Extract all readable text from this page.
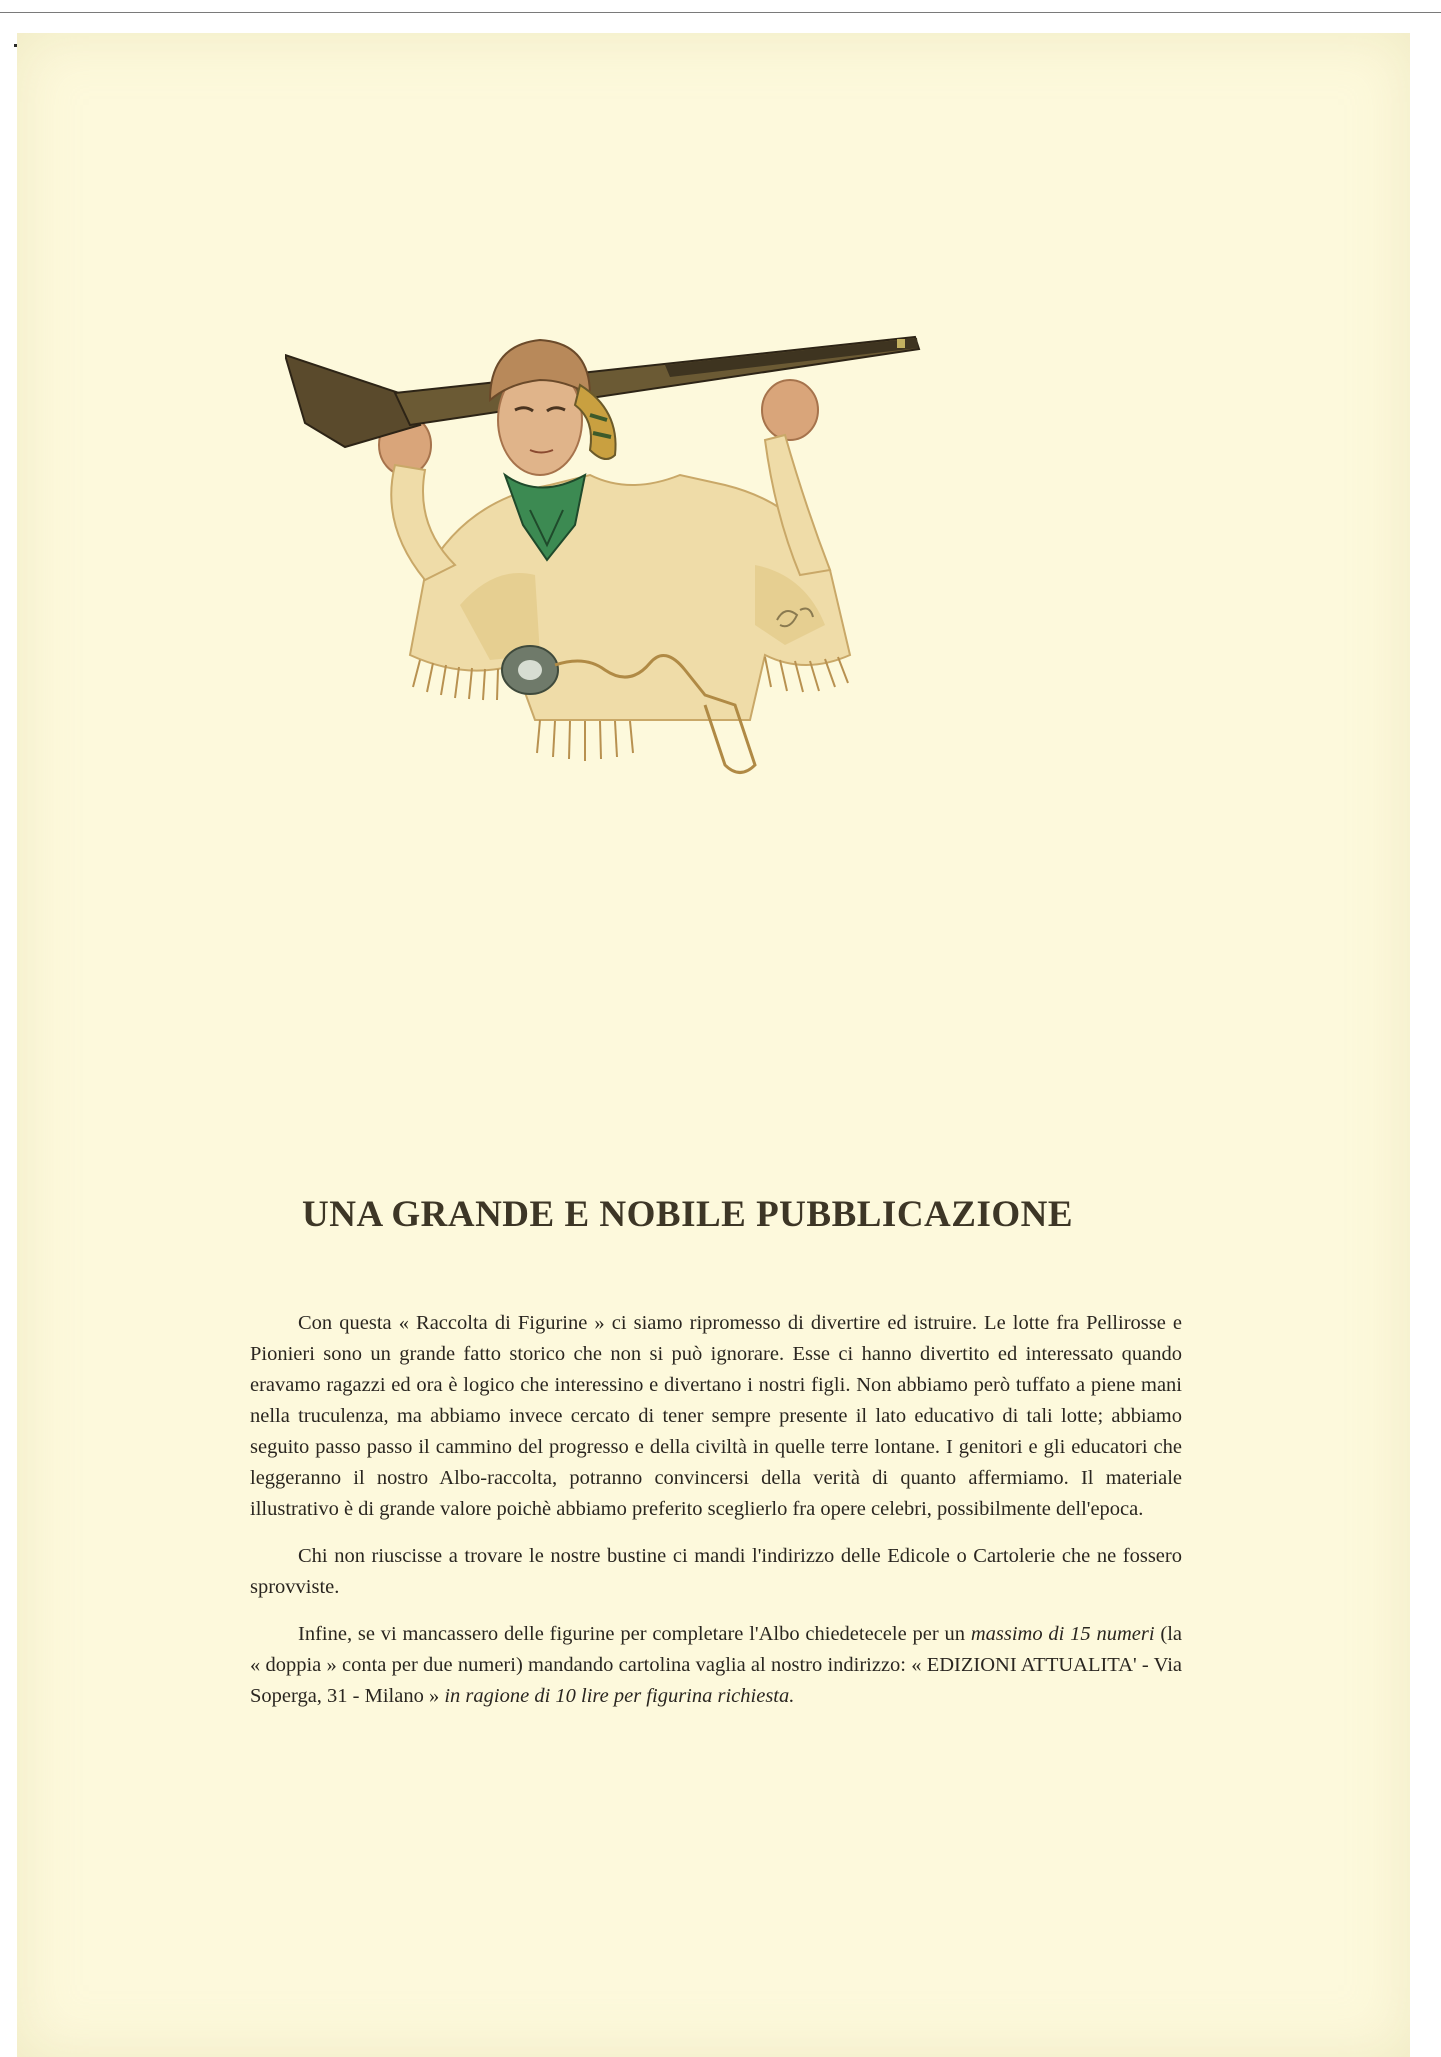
UNA GRANDE E NOBILE PUBBLICAZIONE

Con questa « Raccolta di Figurine » ci siamo ripromesso di divertire ed istruire. Le lotte fra Pellirosse e Pionieri sono un grande fatto storico che non si può ignorare. Esse ci hanno divertito ed interessato quando eravamo ragazzi ed ora è logico che interessino e divertano i nostri figli. Non abbiamo però tuffato a piene mani nella truculenza, ma abbiamo invece cercato di tener sempre presente il lato educativo di tali lotte; abbiamo seguito passo passo il cammino del progresso e della civiltà in quelle terre lontane. I genitori e gli educatori che leggeranno il nostro Albo-raccolta, potranno convincersi della verità di quanto affermiamo. Il materiale illustrativo è di grande valore poichè abbiamo preferito sceglierlo fra opere celebri, possibilmente dell'epoca.

Chi non riuscisse a trovare le nostre bustine ci mandi l'indirizzo delle Edicole o Cartolerie che ne fossero sprovviste.

Infine, se vi mancassero delle figurine per completare l'Albo chiedetecele per un massimo di 15 numeri (la « doppia » conta per due numeri) mandando cartolina vaglia al nostro indirizzo: « EDIZIONI ATTUALITA' - Via Soperga, 31 - Milano » in ragione di 10 lire per figurina richiesta.
